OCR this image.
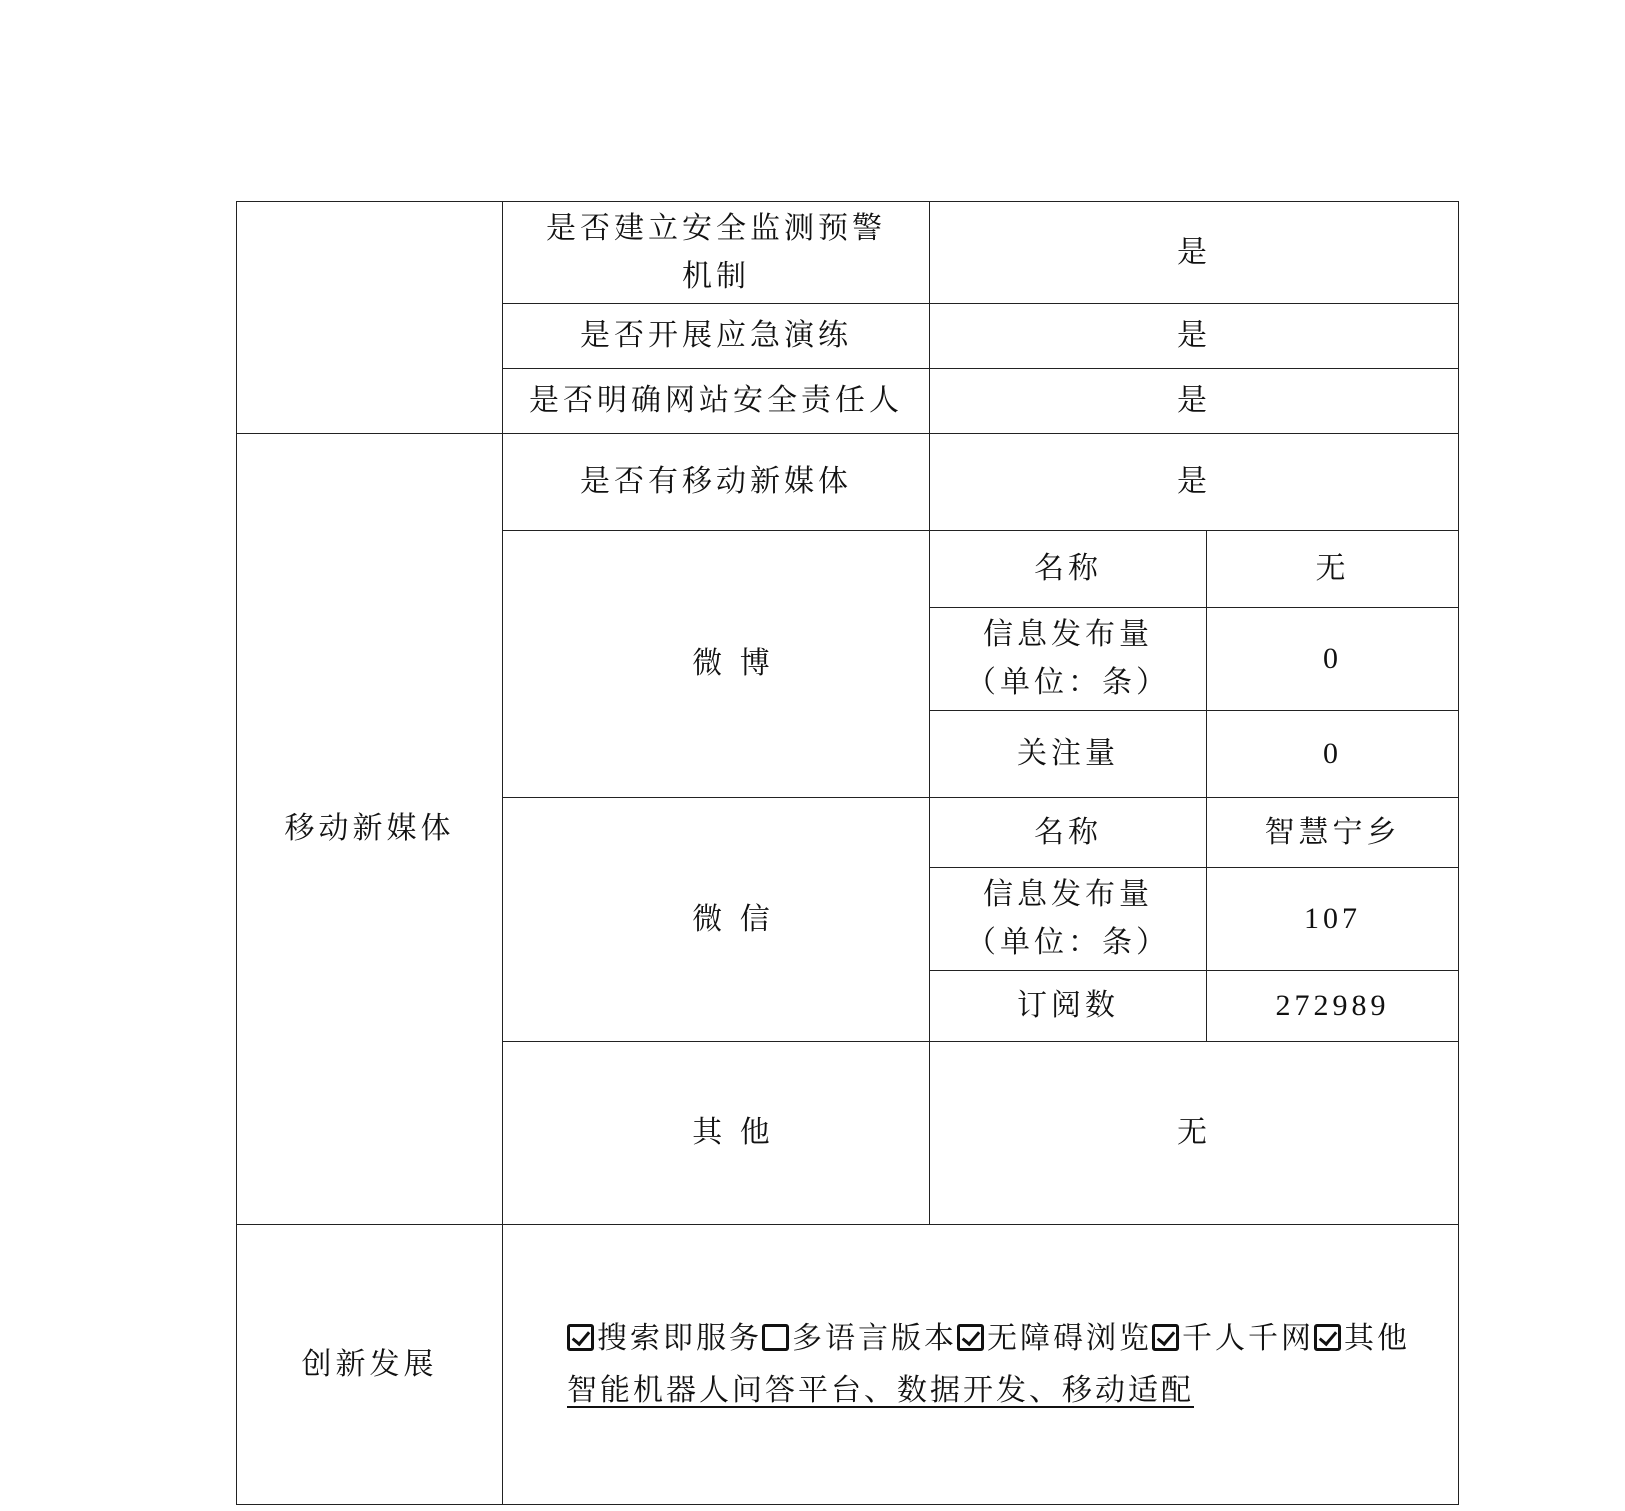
	是否建立安全监测预警
机制	是	
	是否开展应急演练	是	
	是否明确网站安全责任人	是	
移动新媒体	是否有移动新媒体	是	
	微 博	名称	无

		信息发布量
（单位：条）	0
		关注量	0
	微 信	名称	智慧宁乡

		信息发布量
（单位：条）	107
		订阅数	272989
	其 他	无	
创新发展	搜索即服务 多语言版本 无障碍浏览 千人千网 其他
智能机器人问答平台、数据开发、移动适配		
